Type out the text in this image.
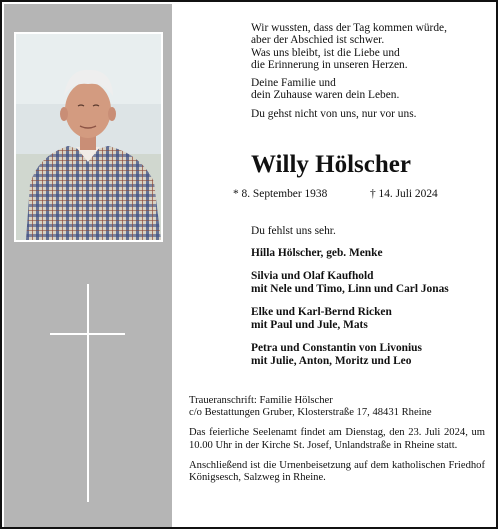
Wir wussten, dass der Tag kommen würde,
aber der Abschied ist schwer.
Was uns bleibt, ist die Liebe und
die Erinnerung in unseren Herzen.

Deine Familie und
dein Zuhause waren dein Leben.

Du gehst nicht von uns, nur vor uns.

Willy Hölscher
* 8. September 1938	† 14. Juli 2024

Du fehlst uns sehr.

Hilla Hölscher, geb. Menke

Silvia und Olaf Kaufhold
mit Nele und Timo, Linn und Carl Jonas

Elke und Karl-Bernd Ricken
mit Paul und Jule, Mats

Petra und Constantin von Livonius
mit Julie, Anton, Moritz und Leo

Traueranschrift: Familie Hölscher
c/o Bestattungen Gruber, Klosterstraße 17, 48431 Rheine

Das feierliche Seelenamt findet am Dienstag, den 23. Juli 2024, um 10.00 Uhr in der Kirche St. Josef, Unlandstraße in Rheine statt.

Anschließend ist die Urnenbeisetzung auf dem katholischen Friedhof Königsesch, Salzweg in Rheine.
